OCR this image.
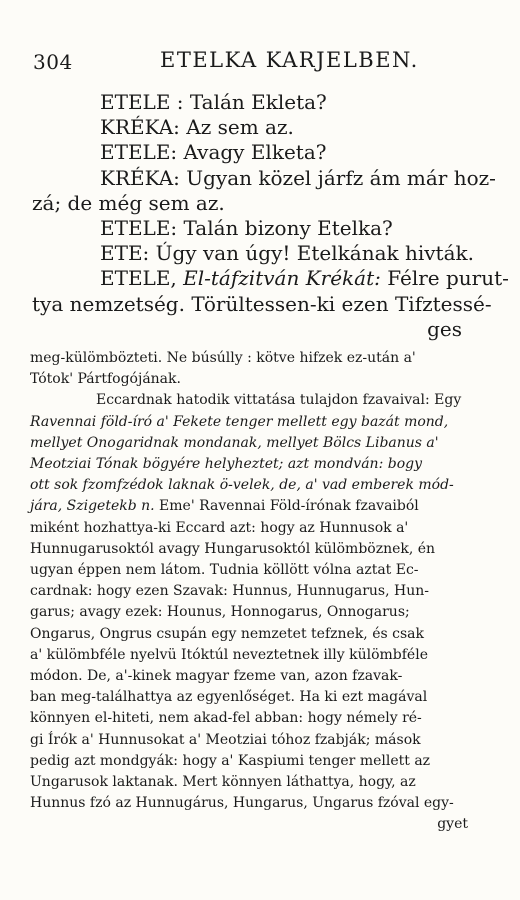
304	ETELKA KARJELBEN.
ETELE : Talán Ekleta?
KRÉKA: Az sem az.
ETELE: Avagy Elketa?
KRÉKA: Ugyan közel járfz ám már hoz-
zá; de még sem az.
ETELE: Talán bizony Etelka?
ETE: Úgy van úgy! Etelkának hivták.
ETELE, El-táfzitván Krékát: Félre purut-
tya nemzetség. Törültessen-ki ezen Tifztessé-
ges
meg-külömbözteti. Ne búsúlly : kötve hifzek ez-után a'
Tótok' Pártfogójának.
Eccardnak hatodik vittatása tulajdon fzavaival: Egy
Ravennai föld-író a' Fekete tenger mellett egy bazát mond,
mellyet Onogaridnak mondanak, mellyet Bölcs Libanus a'
Meotziai Tónak bögyére helyheztet; azt mondván: bogy
ott sok fzomfzédok laknak ö-velek, de, a' vad emberek mód-
jára, Szigetekb n. Eme' Ravennai Föld-írónak fzavaiból
miként hozhattya-ki Eccard azt: hogy az Hunnusok a'
Hunnugarusoktól avagy Hungarusoktól külömböznek, én
ugyan éppen nem látom. Tudnia köllött vólna aztat Ec-
cardnak: hogy ezen Szavak: Hunnus, Hunnugarus, Hun-
garus; avagy ezek: Hounus, Honnogarus, Onnogarus;
Ongarus, Ongrus csupán egy nemzetet tefznek, és csak
a' külömbféle nyelvü Itóktúl neveztetnek illy külömbféle
módon. De, a'-kinek magyar fzeme van, azon fzavak-
ban meg-találhattya az egyenlőséget. Ha ki ezt magával
könnyen el-hiteti, nem akad-fel abban: hogy némely ré-
gi Írók a' Hunnusokat a' Meotziai tóhoz fzabják; mások
pedig azt mondgyák: hogy a' Kaspiumi tenger mellett az
Ungarusok laktanak. Mert könnyen láthattya, hogy, az
Hunnus fzó az Hunnugárus, Hungarus, Ungarus fzóval egy-
gyet
